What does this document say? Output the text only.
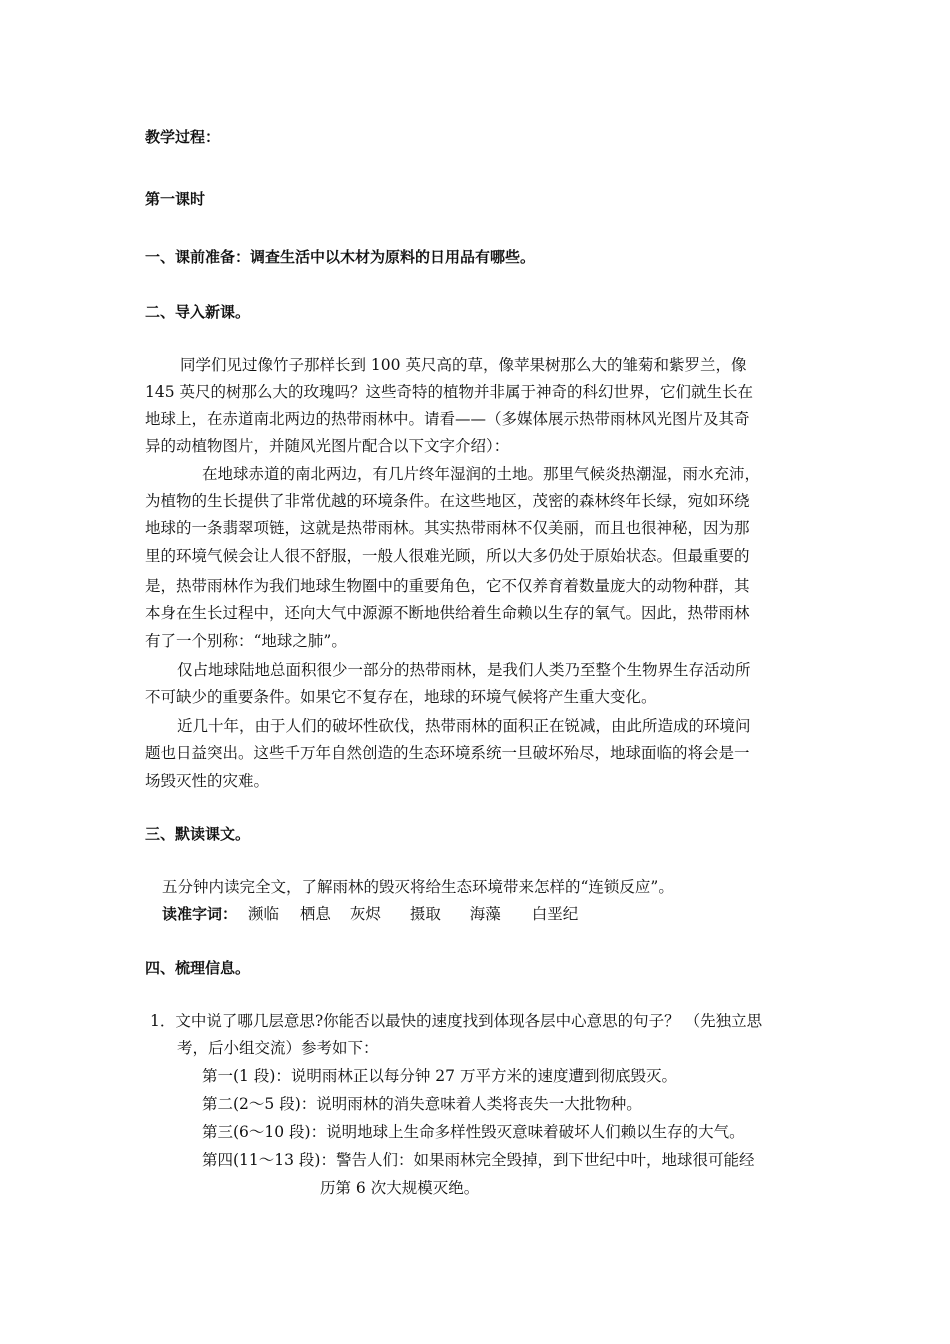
教学过程：
第一课时
一、课前准备：调查生活中以木材为原料的日用品有哪些。
二、导入新课。
同学们见过像竹子那样长到 100 英尺高的草，像苹果树那么大的雏菊和紫罗兰，像
145 英尺的树那么大的玫瑰吗？这些奇特的植物并非属于神奇的科幻世界，它们就生长在
地球上，在赤道南北两边的热带雨林中。请看——（多媒体展示热带雨林风光图片及其奇
异的动植物图片，并随风光图片配合以下文字介绍）：
在地球赤道的南北两边，有几片终年湿润的土地。那里气候炎热潮湿，雨水充沛，
为植物的生长提供了非常优越的环境条件。在这些地区，茂密的森林终年长绿，宛如环绕
地球的一条翡翠项链，这就是热带雨林。其实热带雨林不仅美丽，而且也很神秘，因为那
里的环境气候会让人很不舒服，一般人很难光顾，所以大多仍处于原始状态。但最重要的
是，热带雨林作为我们地球生物圈中的重要角色，它不仅养育着数量庞大的动物种群，其
本身在生长过程中，还向大气中源源不断地供给着生命赖以生存的氧气。因此，热带雨林
有了一个别称：“地球之肺”。
仅占地球陆地总面积很少一部分的热带雨林，是我们人类乃至整个生物界生存活动所
不可缺少的重要条件。如果它不复存在，地球的环境气候将产生重大变化。
近几十年，由于人们的破坏性砍伐，热带雨林的面积正在锐减，由此所造成的环境问
题也日益突出。这些千万年自然创造的生态环境系统一旦破坏殆尽，地球面临的将会是一
场毁灭性的灾难。
三、默读课文。
五分钟内读完全文，了解雨林的毁灭将给生态环境带来怎样的“连锁反应”。
读准字词： 濒临 栖息 灰烬 摄取 海藻 白垩纪
四、梳理信息。
1．文中说了哪几层意思?你能否以最快的速度找到体现各层中心意思的句子？ （先独立思
考，后小组交流）参考如下：
第一(1 段)：说明雨林正以每分钟 27 万平方米的速度遭到彻底毁灭。
第二(2～5 段)：说明雨林的消失意味着人类将丧失一大批物种。
第三(6～10 段)：说明地球上生命多样性毁灭意味着破坏人们赖以生存的大气。
第四(11～13 段)：警告人们：如果雨林完全毁掉，到下世纪中叶，地球很可能经
历第 6 次大规模灭绝。
